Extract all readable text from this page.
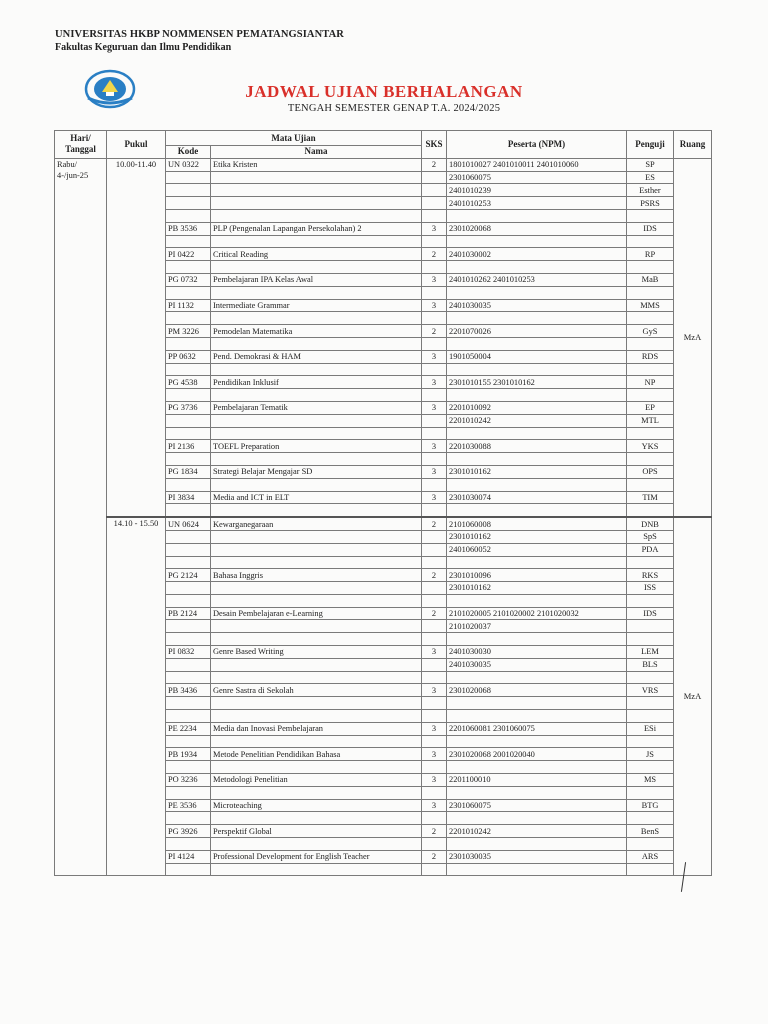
UNIVERSITAS HKBP NOMMENSEN PEMATANGSIANTAR
Fakultas Keguruan dan Ilmu Pendidikan
JADWAL UJIAN BERHALANGAN
TENGAH SEMESTER GENAP T.A. 2024/2025
Hari/
Tanggal	Pukul	Mata Ujian		SKS	Peserta (NPM)	Penguji	Ruang
		Kode	Nama				
Rabu/
4-/jun-25	10.00-11.40	UN 0322	Etika Kristen	2	1801010027 2401010011 2401010060	SP	MzA
					2301060075	ES	
					2401010239	Esther	
					2401010253	PSRS	

		PB 3536	PLP (Pengenalan Lapangan Persekolahan) 2	3	2301020068	IDS	

		PI 0422	Critical Reading	2	2401030002	RP	

		PG 0732	Pembelajaran IPA Kelas Awal	3	2401010262 2401010253	MaB	

		PI 1132	Intermediate Grammar	3	2401030035	MMS	

		PM 3226	Pemodelan Matematika	2	2201070026	GyS	

		PP 0632	Pend. Demokrasi & HAM	3	1901050004	RDS	

		PG 4538	Pendidikan Inklusif	3	2301010155 2301010162	NP	

		PG 3736	Pembelajaran Tematik	3	2201010092	EP	
					2201010242	MTL	

		PI 2136	TOEFL Preparation	3	2201030088	YKS	

		PG 1834	Strategi Belajar Mengajar SD	3	2301010162	OPS	

		PI 3834	Media and ICT in ELT	3	2301030074	TIM	

	14.10 - 15.50	UN 0624	Kewarganegaraan	2	2101060008	DNB	MzA
					2301010162	SpS	
					2401060052	PDA	

		PG 2124	Bahasa Inggris	2	2301010096	RKS	
					2301010162	ISS	

		PB 2124	Desain Pembelajaran e-Learning	2	2101020005 2101020002 2101020032	IDS	
					2101020037		

		PI 0832	Genre Based Writing	3	2401030030	LEM	
					2401030035	BLS	

		PB 3436	Genre Sastra di Sekolah	3	2301020068	VRS	

		PE 2234	Media dan Inovasi Pembelajaran	3	2201060081 2301060075	ESi	

		PB 1934	Metode Penelitian Pendidikan Bahasa	3	2301020068 2001020040	JS	

		PO 3236	Metodologi Penelitian	3	2201100010	MS	

		PE 3536	Microteaching	3	2301060075	BTG	

		PG 3926	Perspektif Global	2	2201010242	BenS	

		PI 4124	Professional Development for English Teacher	2	2301030035	ARS	
